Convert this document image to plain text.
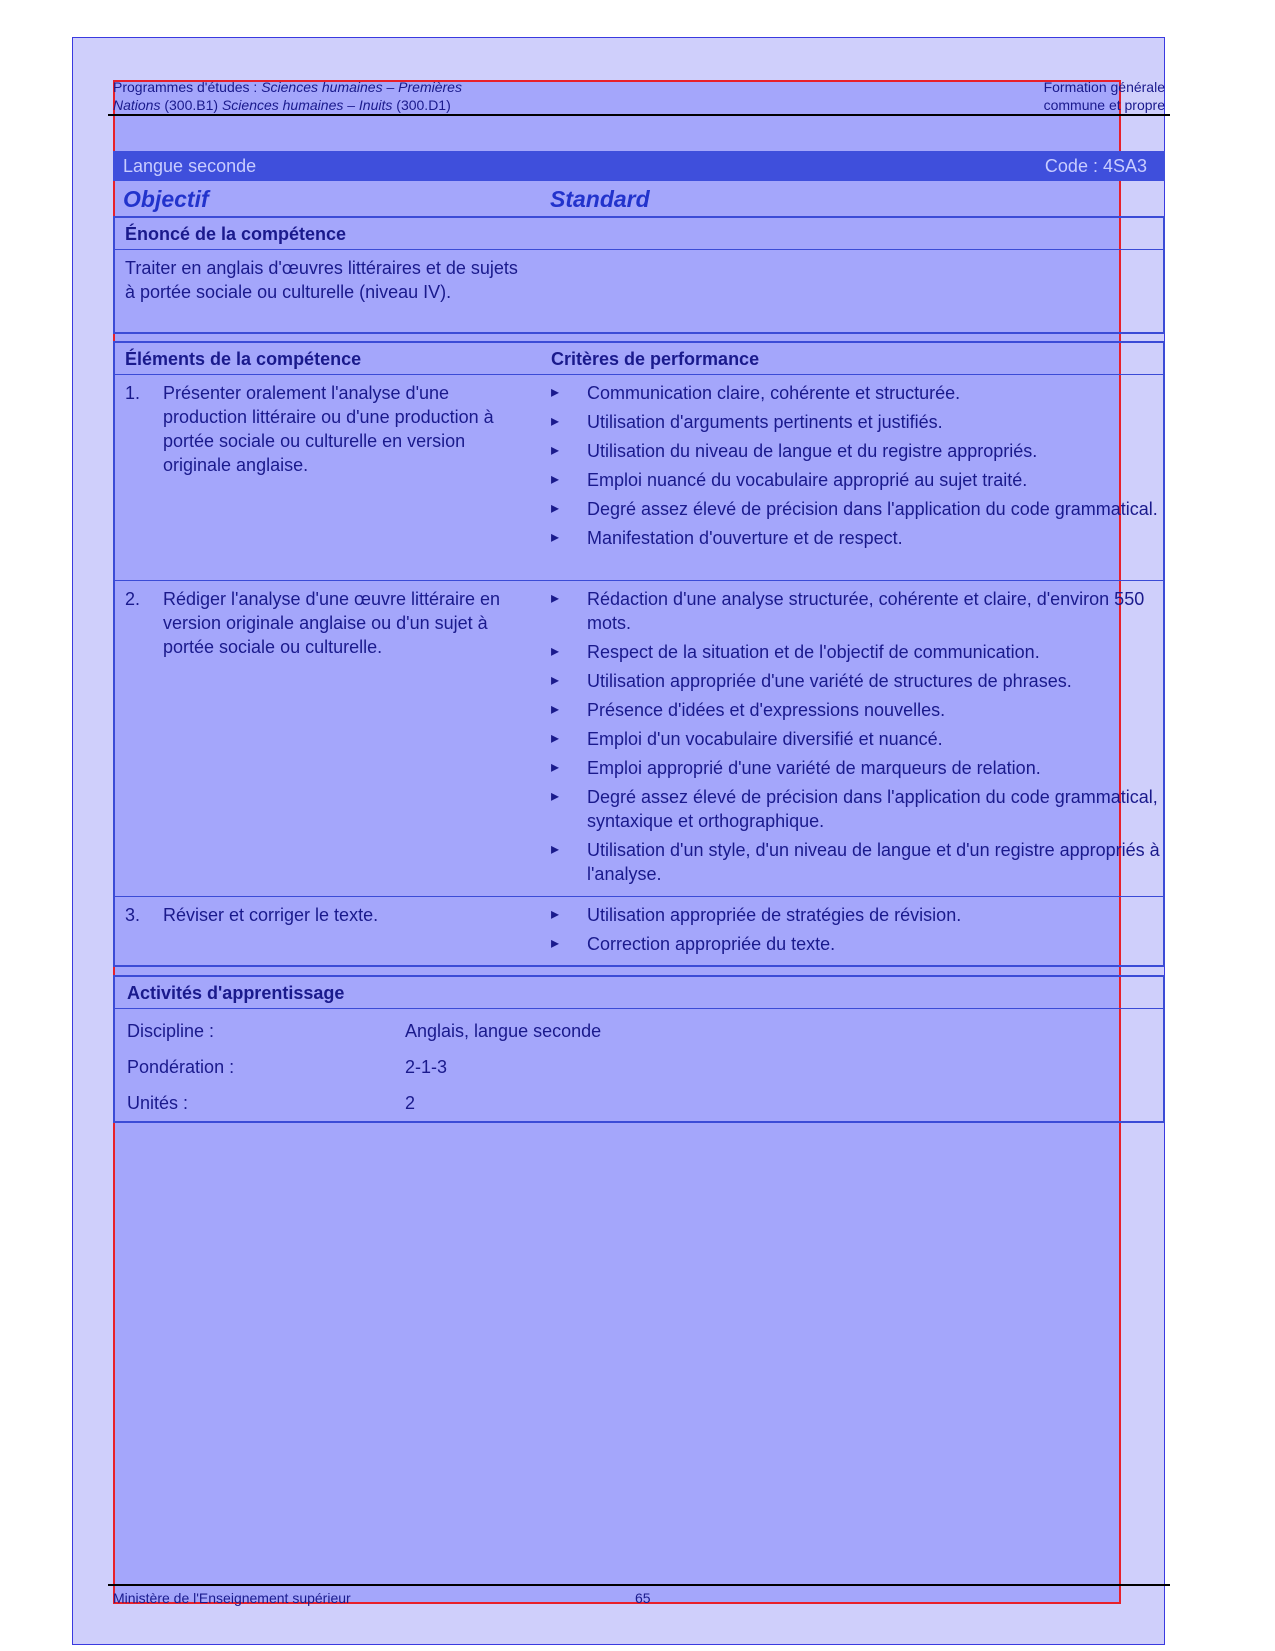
Programmes d'études : Sciences humaines – Premières
Nations (300.B1) Sciences humaines – Inuits (300.D1)
Formation générale
commune et propre
Langue seconde	Code : 4SA3
Objectif	Standard
Énoncé de la compétence
Traiter en anglais d'œuvres littéraires et de sujets à portée sociale ou culturelle (niveau IV).
Éléments de la compétence	Critères de performance
1.	Présenter oralement l'analyse d'une production littéraire ou d'une production à portée sociale ou culturelle en version originale anglaise.
▸ Communication claire, cohérente et structurée.
▸ Utilisation d'arguments pertinents et justifiés.
▸ Utilisation du niveau de langue et du registre appropriés.
▸ Emploi nuancé du vocabulaire approprié au sujet traité.
▸ Degré assez élevé de précision dans l'application du code grammatical.
▸ Manifestation d'ouverture et de respect.
2.	Rédiger l'analyse d'une œuvre littéraire en version originale anglaise ou d'un sujet à portée sociale ou culturelle.
▸ Rédaction d'une analyse structurée, cohérente et claire, d'environ 550 mots.
▸ Respect de la situation et de l'objectif de communication.
▸ Utilisation appropriée d'une variété de structures de phrases.
▸ Présence d'idées et d'expressions nouvelles.
▸ Emploi d'un vocabulaire diversifié et nuancé.
▸ Emploi approprié d'une variété de marqueurs de relation.
▸ Degré assez élevé de précision dans l'application du code grammatical, syntaxique et orthographique.
▸ Utilisation d'un style, d'un niveau de langue et d'un registre appropriés à l'analyse.
3.	Réviser et corriger le texte.
▸	Utilisation appropriée de stratégies de révision.
▸ Correction appropriée du texte.
Activités d'apprentissage
Discipline :	Anglais, langue seconde
Pondération :	2-1-3
Unités :	2
Ministère de l'Enseignement supérieur	65
